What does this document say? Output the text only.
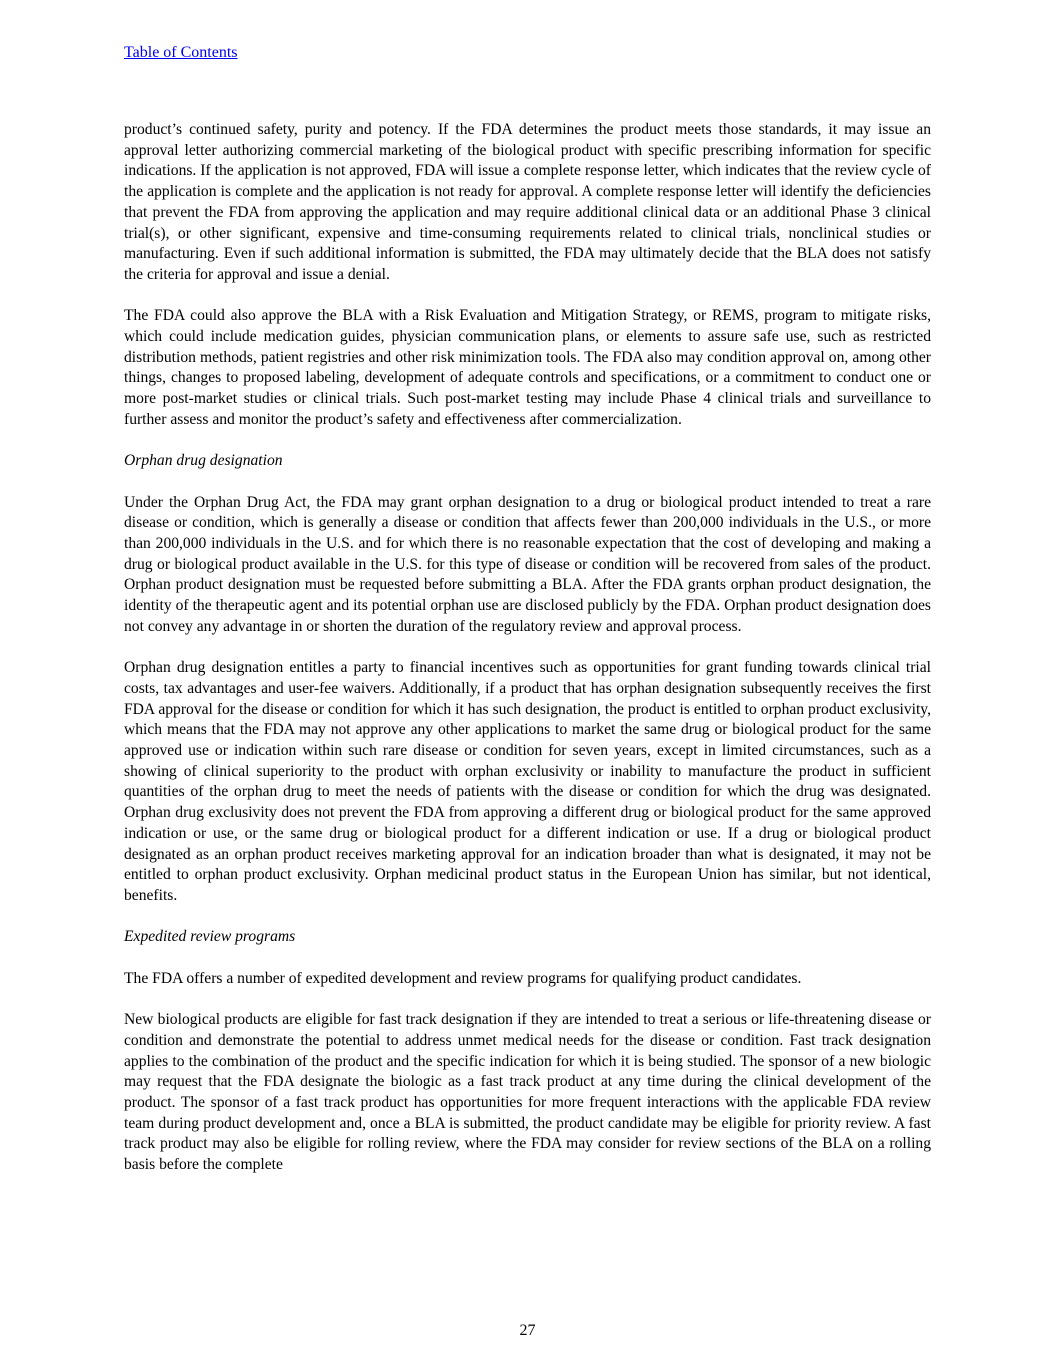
Table of Contents

product’s continued safety, purity and potency. If the FDA determines the product meets those standards, it may issue an approval letter authorizing commercial marketing of the biological product with specific prescribing information for specific indications. If the application is not approved, FDA will issue a complete response letter, which indicates that the review cycle of the application is complete and the application is not ready for approval. A complete response letter will identify the deficiencies that prevent the FDA from approving the application and may require additional clinical data or an additional Phase 3 clinical trial(s), or other significant, expensive and time-consuming requirements related to clinical trials, nonclinical studies or manufacturing. Even if such additional information is submitted, the FDA may ultimately decide that the BLA does not satisfy the criteria for approval and issue a denial.

The FDA could also approve the BLA with a Risk Evaluation and Mitigation Strategy, or REMS, program to mitigate risks, which could include medication guides, physician communication plans, or elements to assure safe use, such as restricted distribution methods, patient registries and other risk minimization tools. The FDA also may condition approval on, among other things, changes to proposed labeling, development of adequate controls and specifications, or a commitment to conduct one or more post-market studies or clinical trials. Such post-market testing may include Phase 4 clinical trials and surveillance to further assess and monitor the product’s safety and effectiveness after commercialization.

Orphan drug designation

Under the Orphan Drug Act, the FDA may grant orphan designation to a drug or biological product intended to treat a rare disease or condition, which is generally a disease or condition that affects fewer than 200,000 individuals in the U.S., or more than 200,000 individuals in the U.S. and for which there is no reasonable expectation that the cost of developing and making a drug or biological product available in the U.S. for this type of disease or condition will be recovered from sales of the product. Orphan product designation must be requested before submitting a BLA. After the FDA grants orphan product designation, the identity of the therapeutic agent and its potential orphan use are disclosed publicly by the FDA. Orphan product designation does not convey any advantage in or shorten the duration of the regulatory review and approval process.

Orphan drug designation entitles a party to financial incentives such as opportunities for grant funding towards clinical trial costs, tax advantages and user-fee waivers. Additionally, if a product that has orphan designation subsequently receives the first FDA approval for the disease or condition for which it has such designation, the product is entitled to orphan product exclusivity, which means that the FDA may not approve any other applications to market the same drug or biological product for the same approved use or indication within such rare disease or condition for seven years, except in limited circumstances, such as a showing of clinical superiority to the product with orphan exclusivity or inability to manufacture the product in sufficient quantities of the orphan drug to meet the needs of patients with the disease or condition for which the drug was designated. Orphan drug exclusivity does not prevent the FDA from approving a different drug or biological product for the same approved indication or use, or the same drug or biological product for a different indication or use. If a drug or biological product designated as an orphan product receives marketing approval for an indication broader than what is designated, it may not be entitled to orphan product exclusivity. Orphan medicinal product status in the European Union has similar, but not identical, benefits.

Expedited review programs

The FDA offers a number of expedited development and review programs for qualifying product candidates.

New biological products are eligible for fast track designation if they are intended to treat a serious or life-threatening disease or condition and demonstrate the potential to address unmet medical needs for the disease or condition. Fast track designation applies to the combination of the product and the specific indication for which it is being studied. The sponsor of a new biologic may request that the FDA designate the biologic as a fast track product at any time during the clinical development of the product. The sponsor of a fast track product has opportunities for more frequent interactions with the applicable FDA review team during product development and, once a BLA is submitted, the product candidate may be eligible for priority review. A fast track product may also be eligible for rolling review, where the FDA may consider for review sections of the BLA on a rolling basis before the complete

27
